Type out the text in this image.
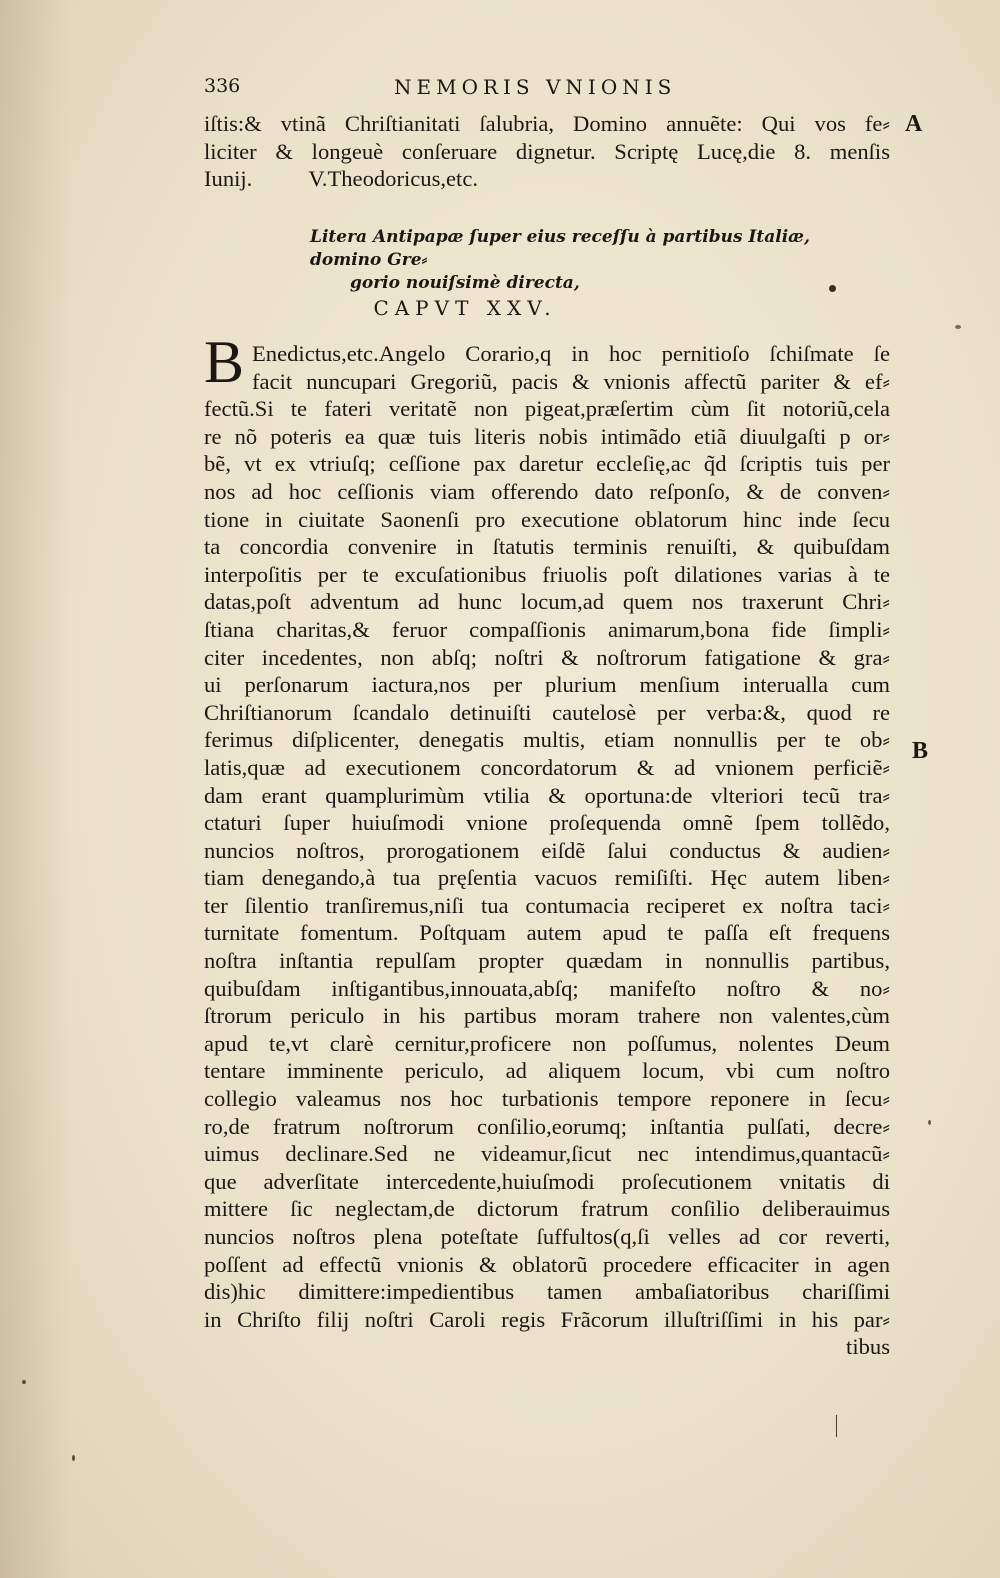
336	NEMORIS VNIONIS
A
B
iſtis:& vtinã Chriſtianitati ſalubria, Domino annuẽte: Qui vos fe⸗
liciter & longeuè conſeruare dignetur. Scriptę Lucę,die 8. menſis
Iunij.          V.Theodoricus,etc.
Litera Antipapæ ſuper eius receſſu à partibus Italiæ, domino Gre⸗
gorio nouiſsimè directa,
CAPVT XXV.
B Enedictus,etc.Angelo Corario,q in hoc pernitioſo ſchiſmate ſe
facit nuncupari Gregoriũ, pacis & vnionis affectũ pariter & ef⸗
fectũ.Si te fateri veritatẽ non pigeat,præſertim cùm ſit notoriũ,cela
re nõ poteris ea quæ tuis literis nobis intimãdo etiã diuulgaſti p or⸗
bẽ, vt ex vtriuſq; ceſſione pax daretur eccleſię,ac q̃d ſcriptis tuis per
nos ad hoc ceſſionis viam offerendo dato reſponſo, & de conven⸗
tione in ciuitate Saonenſi pro executione oblatorum hinc inde ſecu
ta concordia convenire in ſtatutis terminis renuiſti, & quibuſdam
interpoſitis per te excuſationibus friuolis poſt dilationes varias à te
datas,poſt adventum ad hunc locum,ad quem nos traxerunt Chri⸗
ſtiana charitas,& feruor compaſſionis animarum,bona fide ſimpli⸗
citer incedentes, non abſq; noſtri & noſtrorum fatigatione & gra⸗
ui perſonarum iactura,nos per plurium menſium interualla cum
Chriſtianorum ſcandalo detinuiſti cautelosè per verba:&, quod re
ferimus diſplicenter, denegatis multis, etiam nonnullis per te ob⸗
latis,quæ ad executionem concordatorum & ad vnionem perficiẽ⸗
dam erant quamplurimùm vtilia & oportuna:de vlteriori tecũ tra⸗
ctaturi ſuper huiuſmodi vnione proſequenda omnẽ ſpem tollẽdo,
nuncios noſtros, prorogationem eiſdẽ ſalui conductus & audien⸗
tiam denegando,à tua pręſentia vacuos remiſiſti. Hęc autem liben⸗
ter ſilentio tranſiremus,niſi tua contumacia reciperet ex noſtra taci⸗
turnitate fomentum. Poſtquam autem apud te paſſa eſt frequens
noſtra inſtantia repulſam propter quædam in nonnullis partibus,
quibuſdam inſtigantibus,innouata,abſq; manifeſto noſtro & no⸗
ſtrorum periculo in his partibus moram trahere non valentes,cùm
apud te,vt clarè cernitur,proficere non poſſumus, nolentes Deum
tentare imminente periculo, ad aliquem locum, vbi cum noſtro
collegio valeamus nos hoc turbationis tempore reponere in ſecu⸗
ro,de fratrum noſtrorum conſilio,eorumq; inſtantia pulſati, decre⸗
uimus declinare.Sed ne videamur,ſicut nec intendimus,quantacũ⸗
que adverſitate intercedente,huiuſmodi proſecutionem vnitatis di
mittere ſic neglectam,de dictorum fratrum conſilio deliberauimus
nuncios noſtros plena poteſtate ſuffultos(q,ſi velles ad cor reverti,
poſſent ad effectũ vnionis & oblatorũ procedere efficaciter in agen
dis)hic dimittere:impedientibus tamen ambaſiatoribus chariſſimi
in Chriſto filij noſtri Caroli regis Frãcorum illuſtriſſimi in his par⸗
tibus
